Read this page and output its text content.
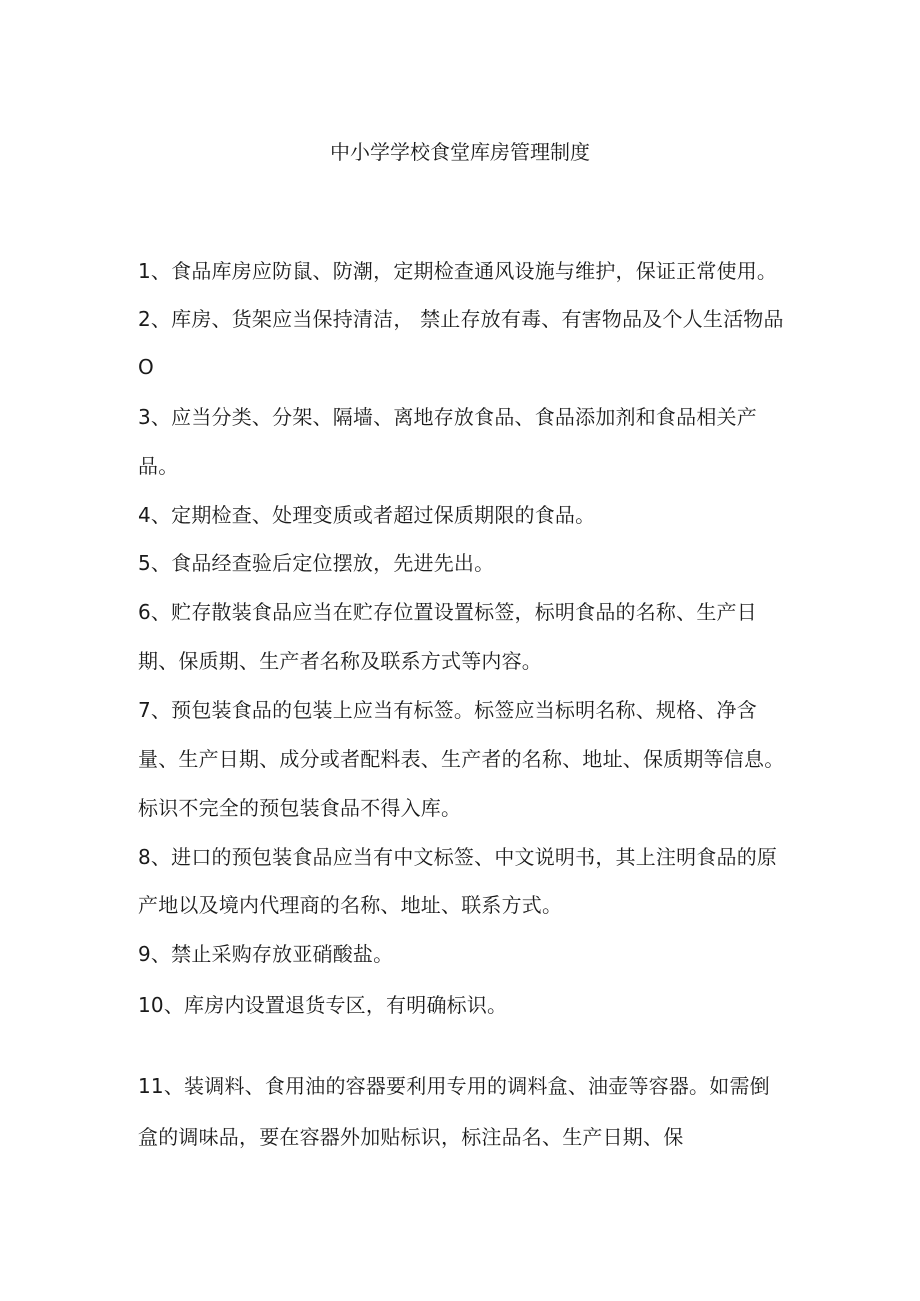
中小学学校食堂库房管理制度
1、食品库房应防鼠、防潮，定期检查通风设施与维护，保证正常使用。
2、库房、货架应当保持清洁， 禁止存放有毒、有害物品及个人生活物品
O
3、应当分类、分架、隔墙、离地存放食品、食品添加剂和食品相关产
品。
4、定期检查、处理变质或者超过保质期限的食品。
5、食品经查验后定位摆放，先进先出。
6、贮存散装食品应当在贮存位置设置标签，标明食品的名称、生产日
期、保质期、生产者名称及联系方式等内容。
7、预包装食品的包装上应当有标签。标签应当标明名称、规格、净含
量、生产日期、成分或者配料表、生产者的名称、地址、保质期等信息。
标识不完全的预包装食品不得入库。
8、进口的预包装食品应当有中文标签、中文说明书，其上注明食品的原
产地以及境内代理商的名称、地址、联系方式。
9、禁止采购存放亚硝酸盐。
10、库房内设置退货专区，有明确标识。
11、装调料、食用油的容器要利用专用的调料盒、油壶等容器。如需倒
盒的调味品，要在容器外加贴标识，标注品名、生产日期、保
